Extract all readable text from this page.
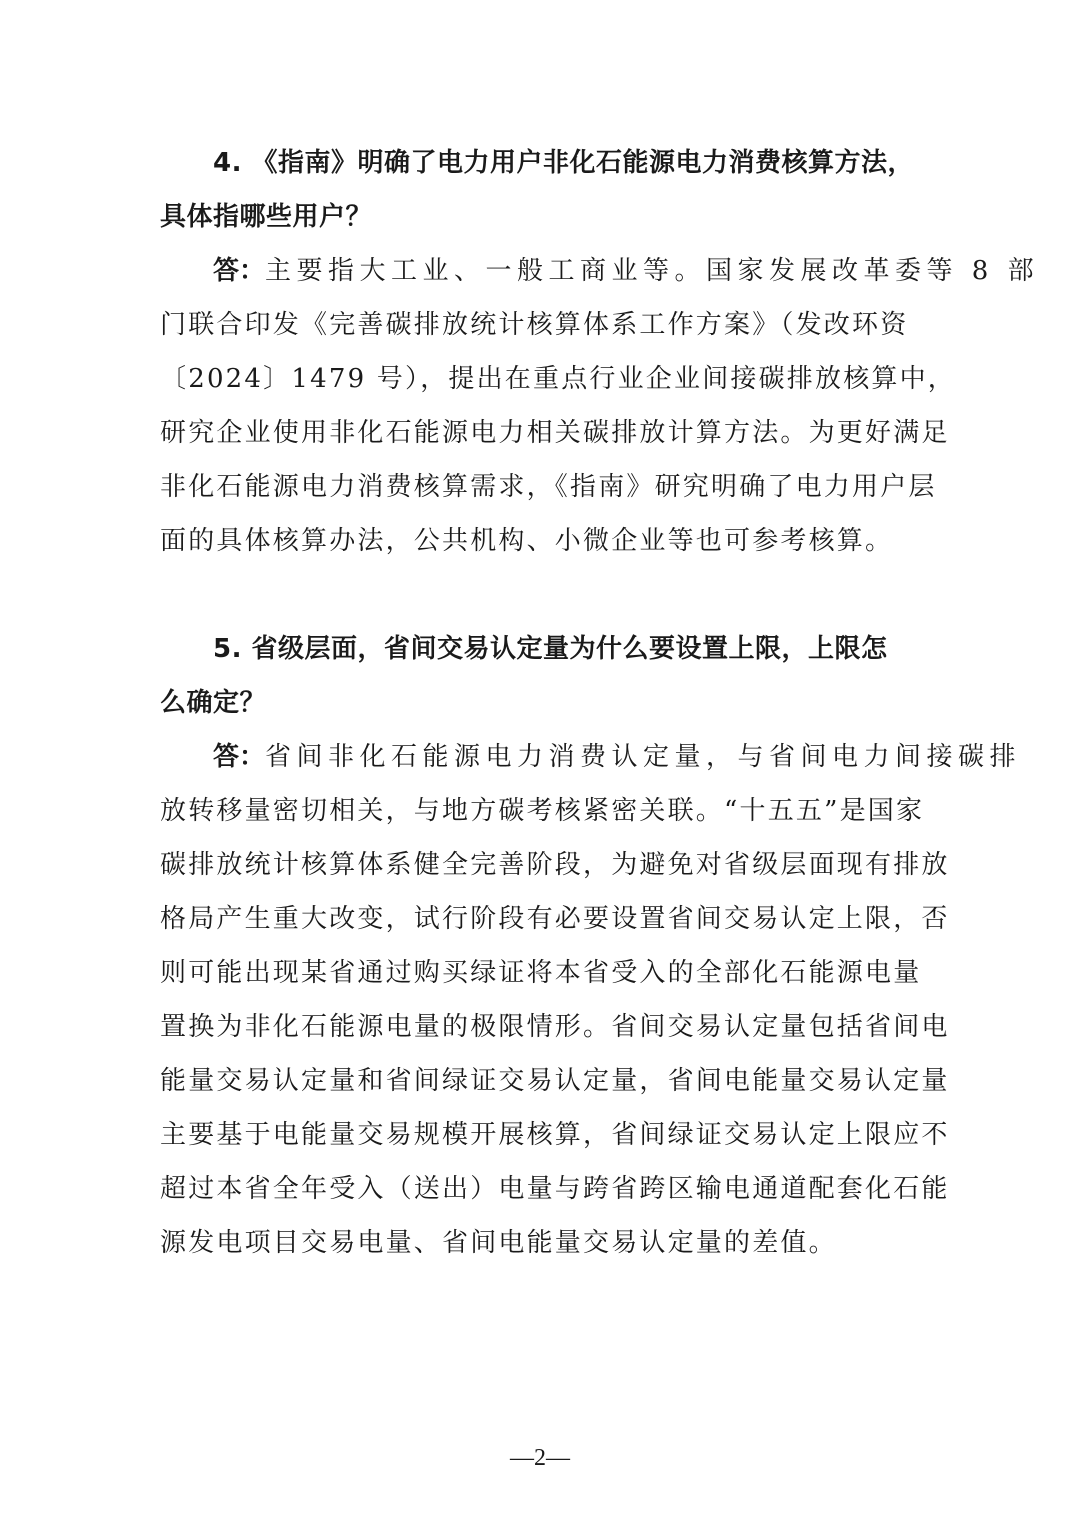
4. 《指南》明确了电力用户非化石能源电力消费核算方法，
具体指哪些用户？
答：主要指大工业、一般工商业等。国家发展改革委等 8 部
门联合印发《完善碳排放统计核算体系工作方案》（发改环资
〔2024〕1479 号），提出在重点行业企业间接碳排放核算中，
研究企业使用非化石能源电力相关碳排放计算方法。为更好满足
非化石能源电力消费核算需求，《指南》研究明确了电力用户层
面的具体核算办法，公共机构、小微企业等也可参考核算。
5. 省级层面，省间交易认定量为什么要设置上限，上限怎
么确定？
答：省间非化石能源电力消费认定量，与省间电力间接碳排
放转移量密切相关，与地方碳考核紧密关联。“十五五”是国家
碳排放统计核算体系健全完善阶段，为避免对省级层面现有排放
格局产生重大改变，试行阶段有必要设置省间交易认定上限，否
则可能出现某省通过购买绿证将本省受入的全部化石能源电量
置换为非化石能源电量的极限情形。省间交易认定量包括省间电
能量交易认定量和省间绿证交易认定量，省间电能量交易认定量
主要基于电能量交易规模开展核算，省间绿证交易认定上限应不
超过本省全年受入（送出）电量与跨省跨区输电通道配套化石能
源发电项目交易电量、省间电能量交易认定量的差值。
—2—
